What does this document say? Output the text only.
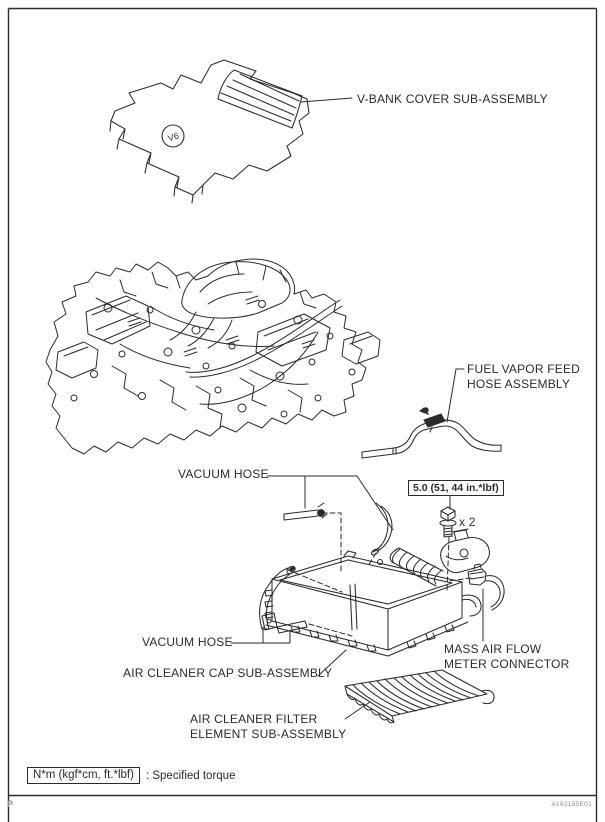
V6
V-BANK COVER SUB-ASSEMBLY
FUEL VAPOR FEED
HOSE ASSEMBLY
VACUUM HOSE
5.0 (51, 44 in.*lbf)
x 2
VACUUM HOSE
AIR CLEANER CAP SUB-ASSEMBLY
MASS AIR FLOW
METER CONNECTOR
AIR CLEANER FILTER
ELEMENT SUB-ASSEMBLY
N*m (kgf*cm, ft.*lbf)	: Specified torque
P	A163155E01
